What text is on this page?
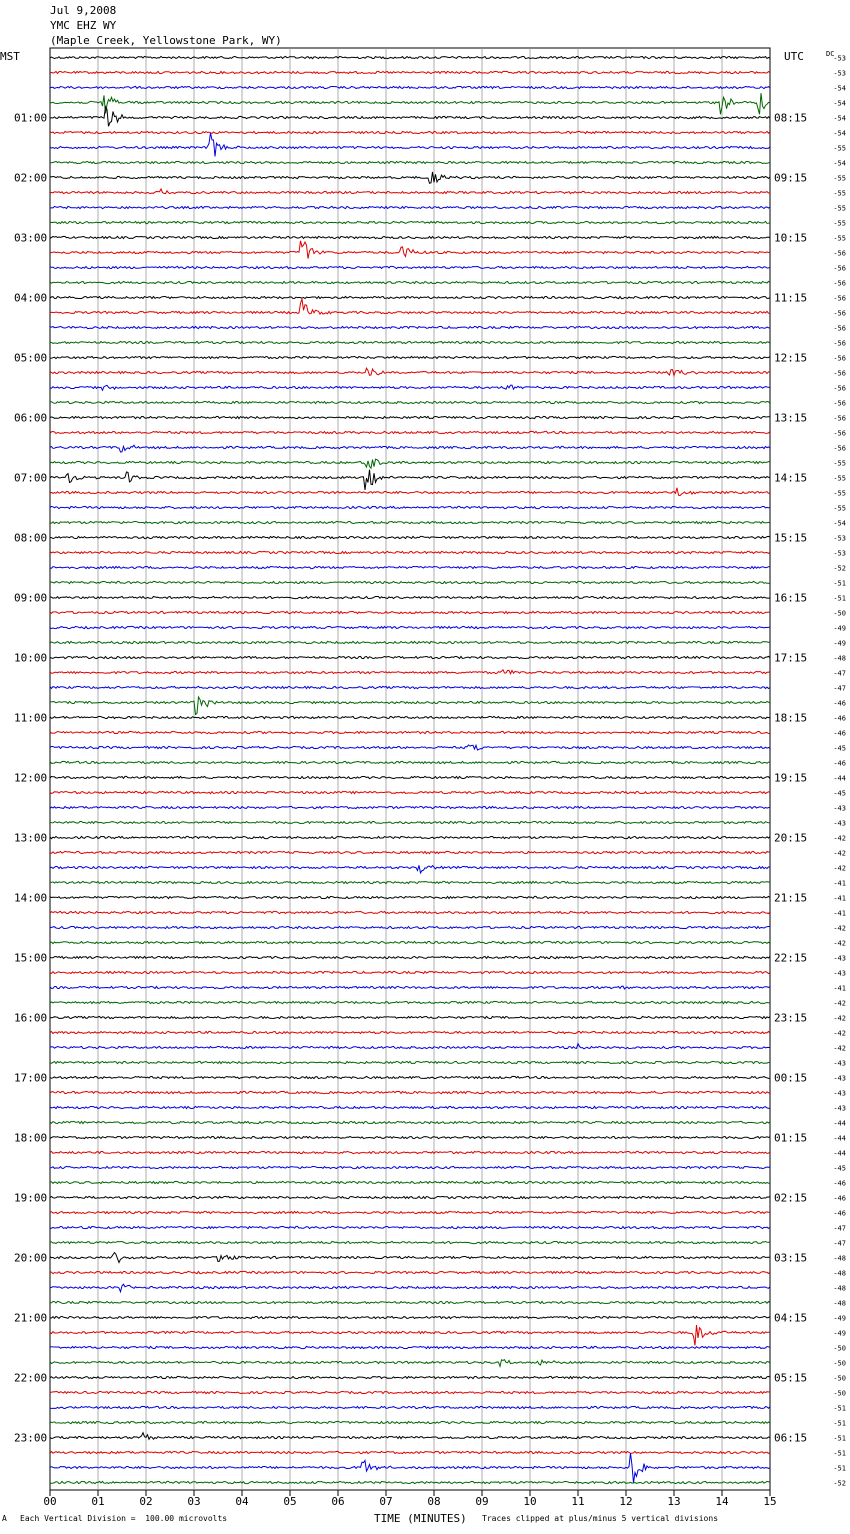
Jul 9,2008
YMC EHZ WY
(Maple Creek, Yellowstone Park, WY)
00	01	02	03	04	05	06	07	08	09	10	11	12	13	14	15
MST	UTC	DC
01:00
02:00
03:00
04:00
05:00
06:00
07:00
08:00
09:00
10:00
11:00
12:00
13:00
14:00
15:00
16:00
17:00
18:00
19:00
20:00
21:00
22:00
23:00
08:15
09:15
10:15
11:15
12:15
13:15
14:15
15:15
16:15
17:15
18:15
19:15
20:15
21:15
22:15
23:15
00:15
01:15
02:15
03:15
04:15
05:15
06:15
-53
-53
-54
-54
-54
-54
-55
-54
-55
-55
-55
-55
-55
-56
-56
-56
-56
-56
-56
-56
-56
-56
-56
-56
-56
-56
-56
-55
-55
-55
-55
-54
-53
-53
-52
-51
-51
-50
-49
-49
-48
-47
-47
-46
-46
-46
-45
-46
-44
-45
-43
-43
-42
-42
-42
-41
-41
-41
-42
-42
-43
-43
-41
-42
-42
-42
-42
-43
-43
-43
-43
-44
-44
-44
-45
-46
-46
-46
-47
-47
-48
-48
-48
-48
-49
-49
-50
-50
-50
-50
-51
-51
-51
-51
-51
-52
A Each Vertical Division =  100.00 microvolts	TIME (MINUTES) Traces clipped at plus/minus 5 vertical divisions
